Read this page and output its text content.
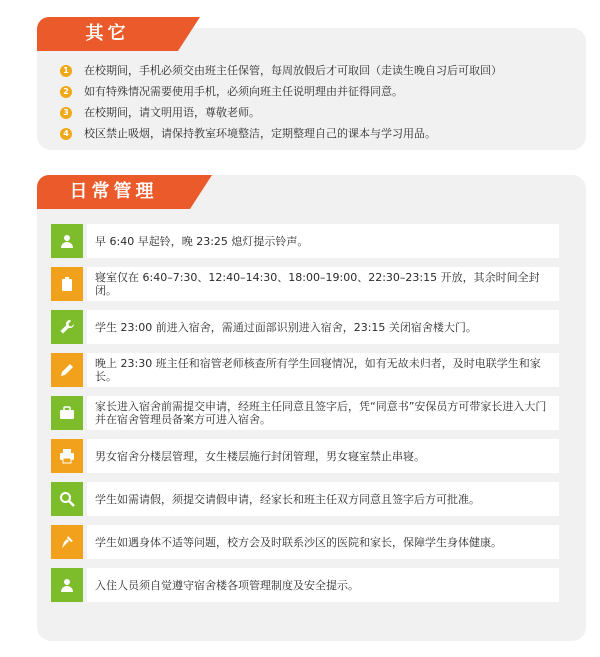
其它
1 在校期间，手机必须交由班主任保管，每周放假后才可取回（走读生晚自习后可取回）
2 如有特殊情况需要使用手机，必须向班主任说明理由并征得同意。
3 在校期间，请文明用语，尊敬老师。
4 校区禁止吸烟，请保持教室环境整洁，定期整理自己的课本与学习用品。
日常管理
早 6:40 早起铃，晚 23:25 熄灯提示铃声。
寝室仅在 6:40–7:30、12:40–14:30、18:00–19:00、22:30–23:15 开放，其余时间全封闭。
学生 23:00 前进入宿舍，需通过面部识别进入宿舍，23:15 关闭宿舍楼大门。
晚上 23:30 班主任和宿管老师核查所有学生回寝情况，如有无故未归者，及时电联学生和家长。
家长进入宿舍前需提交申请，经班主任同意且签字后，凭“同意书”安保员方可带家长进入大门并在宿舍管理员备案方可进入宿舍。
男女宿舍分楼层管理，女生楼层施行封闭管理，男女寝室禁止串寝。
学生如需请假，须提交请假申请，经家长和班主任双方同意且签字后方可批准。
学生如遇身体不适等问题，校方会及时联系沙区的医院和家长，保障学生身体健康。
入住人员须自觉遵守宿舍楼各项管理制度及安全提示。
